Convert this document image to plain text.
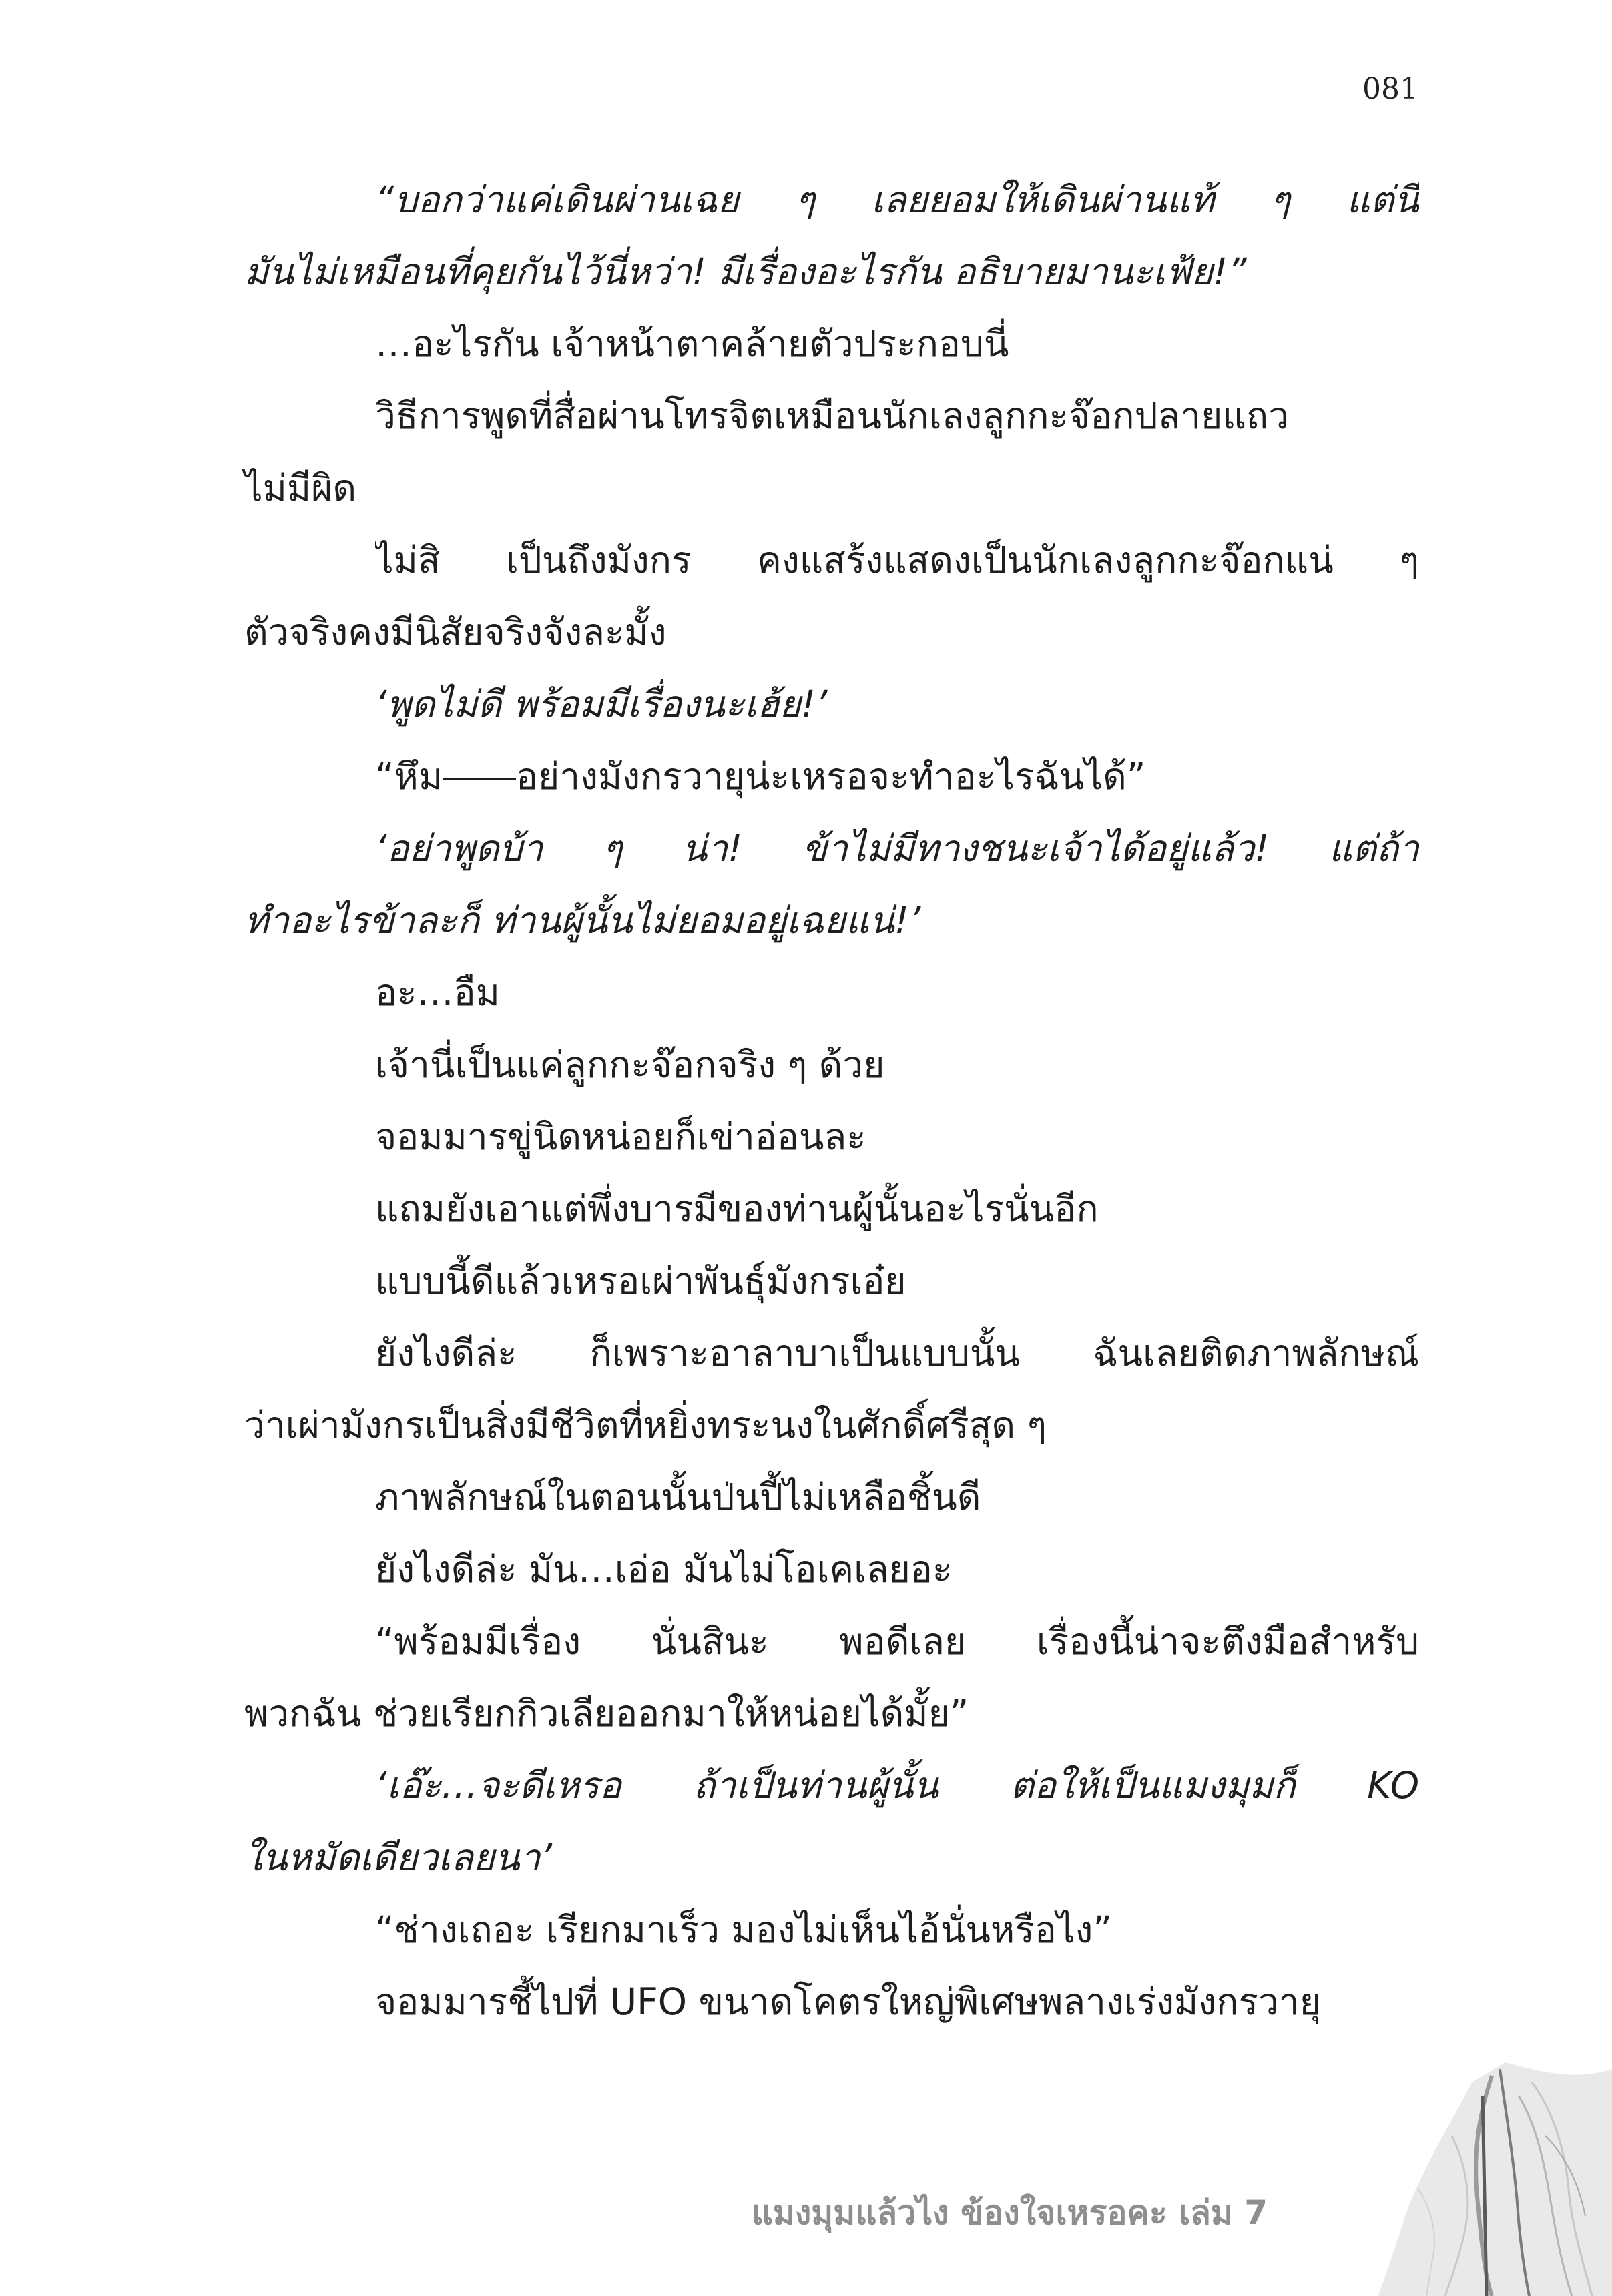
081
“บอกว่าแค่เดินผ่านเฉย ๆ เลยยอมให้เดินผ่านแท้ ๆ แต่นี่
มันไม่เหมือนที่คุยกันไว้นี่หว่า! มีเรื่องอะไรกัน อธิบายมานะเฟ้ย!”
…อะไรกัน เจ้าหน้าตาคล้ายตัวประกอบนี่
วิธีการพูดที่สื่อผ่านโทรจิตเหมือนนักเลงลูกกะจ๊อกปลายแถว
ไม่มีผิด
ไม่สิ เป็นถึงมังกร คงแสร้งแสดงเป็นนักเลงลูกกะจ๊อกแน่ ๆ
ตัวจริงคงมีนิสัยจริงจังละมั้ง
‘พูดไม่ดี พร้อมมีเรื่องนะเฮ้ย!’
“หึม――อย่างมังกรวายุน่ะเหรอจะทำอะไรฉันได้”
‘อย่าพูดบ้า ๆ น่า! ข้าไม่มีทางชนะเจ้าได้อยู่แล้ว! แต่ถ้า
ทำอะไรข้าละก็ ท่านผู้นั้นไม่ยอมอยู่เฉยแน่!’
อะ…อืม
เจ้านี่เป็นแค่ลูกกะจ๊อกจริง ๆ ด้วย
จอมมารขู่นิดหน่อยก็เข่าอ่อนละ
แถมยังเอาแต่พึ่งบารมีของท่านผู้นั้นอะไรนั่นอีก
แบบนี้ดีแล้วเหรอเผ่าพันธุ์มังกรเอ๋ย
ยังไงดีล่ะ ก็เพราะอาลาบาเป็นแบบนั้น ฉันเลยติดภาพลักษณ์
ว่าเผ่ามังกรเป็นสิ่งมีชีวิตที่หยิ่งทระนงในศักดิ์ศรีสุด ๆ
ภาพลักษณ์ในตอนนั้นป่นปี้ไม่เหลือชิ้นดี
ยังไงดีล่ะ มัน…เอ่อ มันไม่โอเคเลยอะ
“พร้อมมีเรื่อง นั่นสินะ พอดีเลย เรื่องนี้น่าจะตึงมือสำหรับ
พวกฉัน ช่วยเรียกกิวเลียออกมาให้หน่อยได้มั้ย”
‘เอ๊ะ…จะดีเหรอ ถ้าเป็นท่านผู้นั้น ต่อให้เป็นแมงมุมก็ KO
ในหมัดเดียวเลยนา’
“ช่างเถอะ เรียกมาเร็ว มองไม่เห็นไอ้นั่นหรือไง”
จอมมารชี้ไปที่ UFO ขนาดโคตรใหญ่พิเศษพลางเร่งมังกรวายุ
แมงมุมแล้วไง ข้องใจเหรอคะ เล่ม 7
